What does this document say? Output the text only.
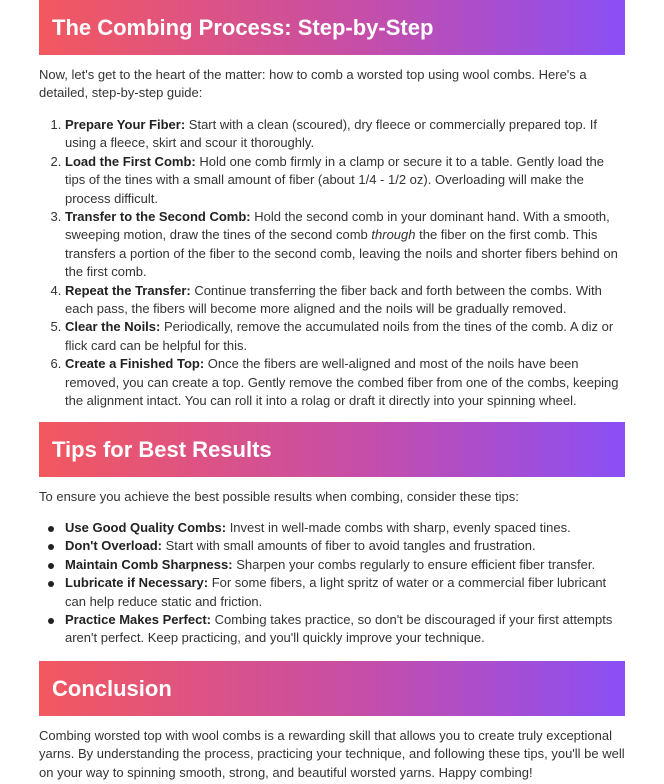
The Combing Process: Step-by-Step

Now, let's get to the heart of the matter: how to comb a worsted top using wool combs. Here's a detailed, step-by-step guide:

1. Prepare Your Fiber: Start with a clean (scoured), dry fleece or commercially prepared top. If using a fleece, skirt and scour it thoroughly.
2. Load the First Comb: Hold one comb firmly in a clamp or secure it to a table. Gently load the tips of the tines with a small amount of fiber (about 1/4 - 1/2 oz). Overloading will make the process difficult.
3. Transfer to the Second Comb: Hold the second comb in your dominant hand. With a smooth, sweeping motion, draw the tines of the second comb through the fiber on the first comb. This transfers a portion of the fiber to the second comb, leaving the noils and shorter fibers behind on the first comb.
4. Repeat the Transfer: Continue transferring the fiber back and forth between the combs. With each pass, the fibers will become more aligned and the noils will be gradually removed.
5. Clear the Noils: Periodically, remove the accumulated noils from the tines of the comb. A diz or flick card can be helpful for this.
6. Create a Finished Top: Once the fibers are well-aligned and most of the noils have been removed, you can create a top. Gently remove the combed fiber from one of the combs, keeping the alignment intact. You can roll it into a rolag or draft it directly into your spinning wheel.
Tips for Best Results

To ensure you achieve the best possible results when combing, consider these tips:

Use Good Quality Combs: Invest in well-made combs with sharp, evenly spaced tines.
Don't Overload: Start with small amounts of fiber to avoid tangles and frustration.
Maintain Comb Sharpness: Sharpen your combs regularly to ensure efficient fiber transfer.
Lubricate if Necessary: For some fibers, a light spritz of water or a commercial fiber lubricant can help reduce static and friction.
Practice Makes Perfect: Combing takes practice, so don't be discouraged if your first attempts aren't perfect. Keep practicing, and you'll quickly improve your technique.
Conclusion

Combing worsted top with wool combs is a rewarding skill that allows you to create truly exceptional yarns. By understanding the process, practicing your technique, and following these tips, you'll be well on your way to spinning smooth, strong, and beautiful worsted yarns. Happy combing!
